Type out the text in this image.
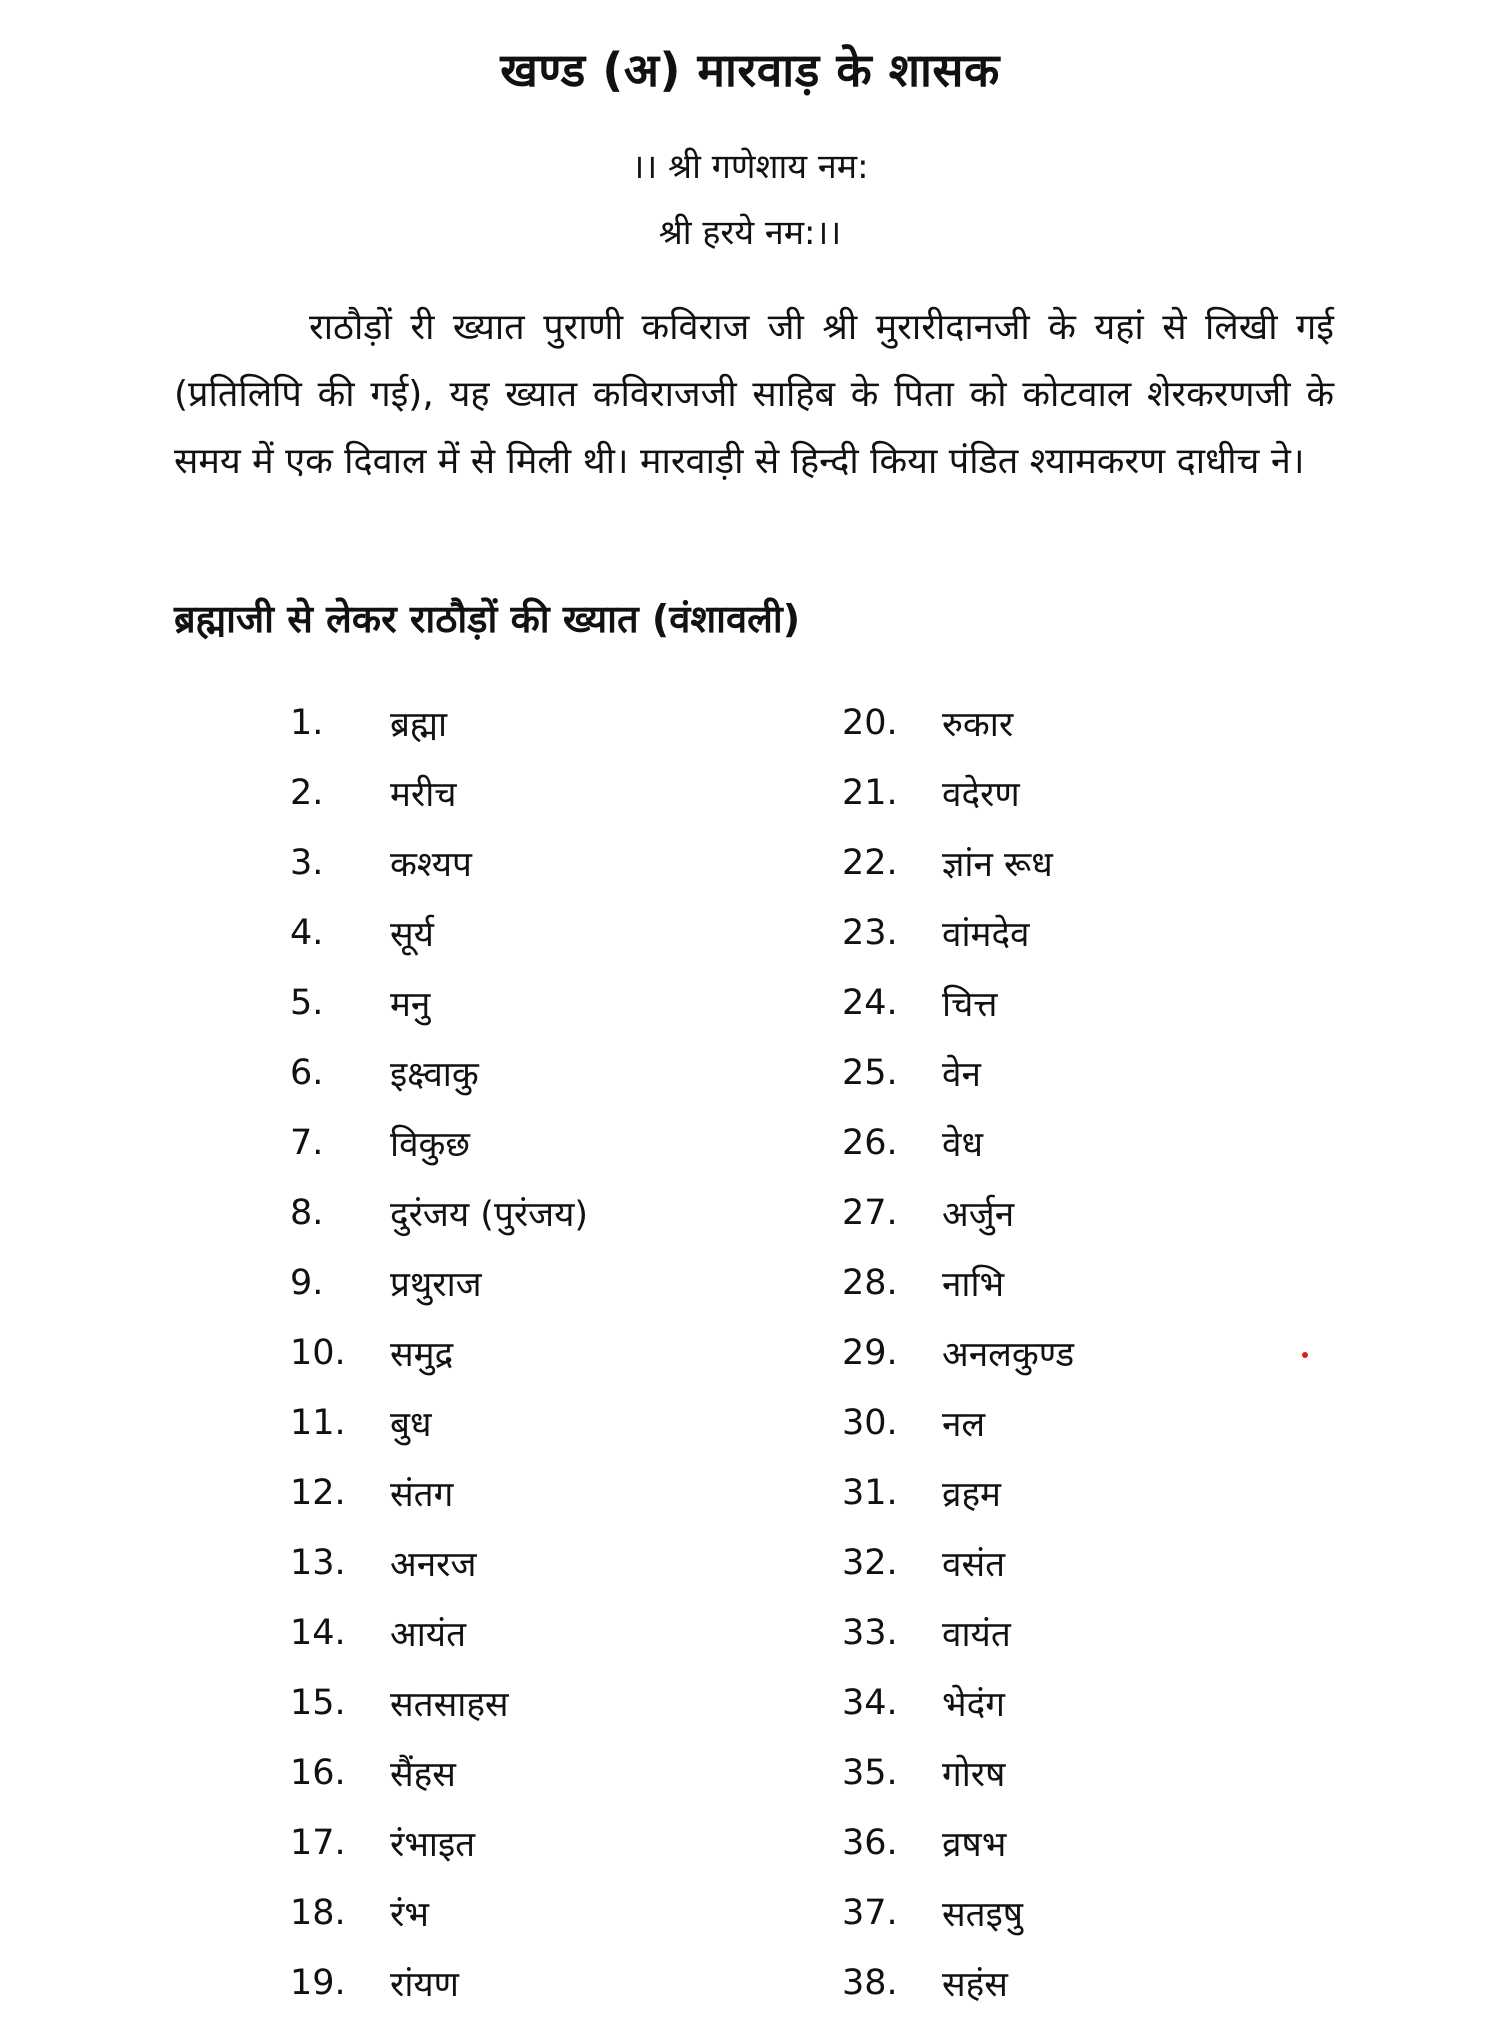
खण्ड (अ) मारवाड़ के शासक
।। श्री गणेशाय नम:
श्री हरये नम:।।
राठौड़ों री ख्यात पुराणी कविराज जी श्री मुरारीदानजी के यहां से लिखी गई (प्रतिलिपि की गई), यह ख्यात कविराजजी साहिब के पिता को कोटवाल शेरकरणजी के समय में एक दिवाल में से मिली थी। मारवाड़ी से हिन्दी किया पंडित श्यामकरण दाधीच ने।
ब्रह्माजी से लेकर राठौड़ों की ख्यात (वंशावली)
1.	ब्रह्मा
2.	मरीच
3.	कश्यप
4.	सूर्य
5.	मनु
6.	इक्ष्वाकु
7.	विकुछ
8.	दुरंजय (पुरंजय)
9.	प्रथुराज
10.	समुद्र
11.	बुध
12.	संतग
13.	अनरज
14.	आयंत
15.	सतसाहस
16.	सैंहस
17.	रंभाइत
18.	रंभ
19.	रांयण
20.	रुकार
21.	वदेरण
22.	ज्ञांन रूध
23.	वांमदेव
24.	चित्त
25.	वेन
26.	वेध
27.	अर्जुन
28.	नाभि
29.	अनलकुण्ड
30.	नल
31.	व्रहम
32.	वसंत
33.	वायंत
34.	भेदंग
35.	गोरष
36.	व्रषभ
37.	सतइषु
38.	सहंस
